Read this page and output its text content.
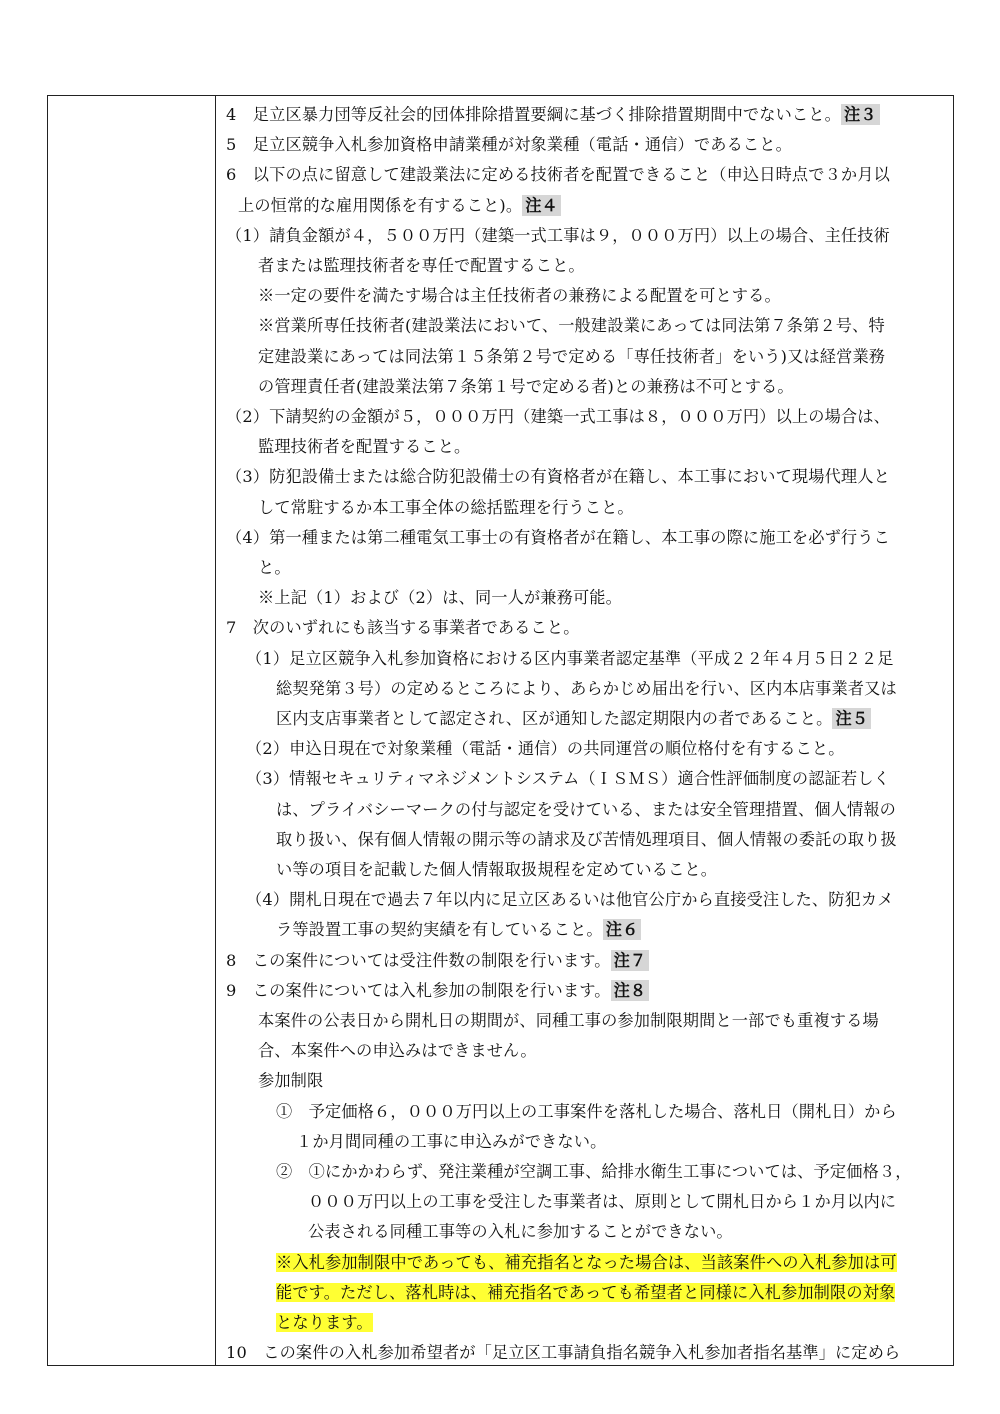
4　足立区暴力団等反社会的団体排除措置要綱に基づく排除措置期間中でないこと。 注３
5　足立区競争入札参加資格申請業種が対象業種（電話・通信）であること。
6　以下の点に留意して建設業法に定める技術者を配置できること（申込日時点で３か月以
上の恒常的な雇用関係を有すること)。 注４
（1）請負金額が４，５００万円（建築一式工事は９，０００万円）以上の場合、主任技術
者または監理技術者を専任で配置すること。
※一定の要件を満たす場合は主任技術者の兼務による配置を可とする。
※営業所専任技術者(建設業法において、一般建設業にあっては同法第７条第２号、特
定建設業にあっては同法第１５条第２号で定める「専任技術者」をいう)又は経営業務
の管理責任者(建設業法第７条第１号で定める者)との兼務は不可とする。
（2）下請契約の金額が５，０００万円（建築一式工事は８，０００万円）以上の場合は、
監理技術者を配置すること。
（3）防犯設備士または総合防犯設備士の有資格者が在籍し、本工事において現場代理人と
して常駐するか本工事全体の総括監理を行うこと。
（4）第一種または第二種電気工事士の有資格者が在籍し、本工事の際に施工を必ず行うこ
と。
※上記（1）および（2）は、同一人が兼務可能。
7　次のいずれにも該当する事業者であること。
（1）足立区競争入札参加資格における区内事業者認定基準（平成２２年４月５日２２足
総契発第３号）の定めるところにより、あらかじめ届出を行い、区内本店事業者又は
区内支店事業者として認定され、区が通知した認定期限内の者であること。 注５
（2）申込日現在で対象業種（電話・通信）の共同運営の順位格付を有すること。
（3）情報セキュリティマネジメントシステム（ＩＳＭＳ）適合性評価制度の認証若しく
は、プライバシーマークの付与認定を受けている、または安全管理措置、個人情報の
取り扱い、保有個人情報の開示等の請求及び苦情処理項目、個人情報の委託の取り扱
い等の項目を記載した個人情報取扱規程を定めていること。
（4）開札日現在で過去７年以内に足立区あるいは他官公庁から直接受注した、防犯カメ
ラ等設置工事の契約実績を有していること。 注６
8　この案件については受注件数の制限を行います。 注７
9　この案件については入札参加の制限を行います。 注８
本案件の公表日から開札日の期間が、同種工事の参加制限期間と一部でも重複する場
合、本案件への申込みはできません。
参加制限
①　予定価格６，０００万円以上の工事案件を落札した場合、落札日（開札日）から
１か月間同種の工事に申込みができない。
②　①にかかわらず、発注業種が空調工事、給排水衛生工事については、予定価格３，
０００万円以上の工事を受注した事業者は、原則として開札日から１か月以内に
公表される同種工事等の入札に参加することができない。
※入札参加制限中であっても、補充指名となった場合は、当該案件への入札参加は可
能です。ただし、落札時は、補充指名であっても希望者と同様に入札参加制限の対象
となります。
10　この案件の入札参加希望者が「足立区工事請負指名競争入札参加者指名基準」に定めら
